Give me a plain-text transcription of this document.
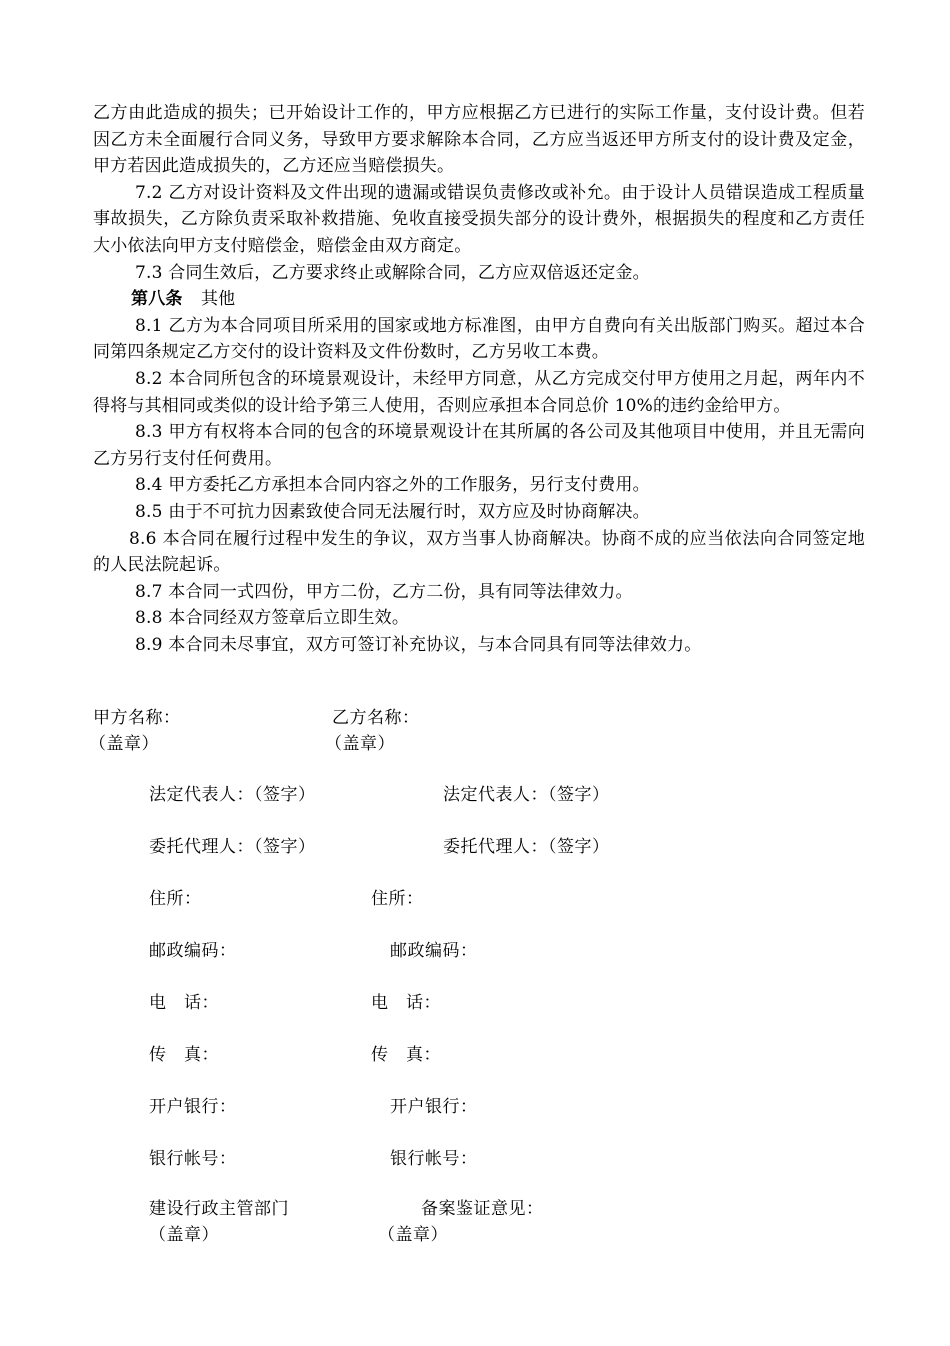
乙方由此造成的损失；已开始设计工作的，甲方应根据乙方已进行的实际工作量，支付设计费。但若因乙方未全面履行合同义务，导致甲方要求解除本合同，乙方应当返还甲方所支付的设计费及定金，甲方若因此造成损失的，乙方还应当赔偿损失。

7.2 乙方对设计资料及文件出现的遗漏或错误负责修改或补允。由于设计人员错误造成工程质量事故损失，乙方除负责采取补救措施、免收直接受损失部分的设计费外，根据损失的程度和乙方责任大小依法向甲方支付赔偿金，赔偿金由双方商定。

7.3 合同生效后，乙方要求终止或解除合同，乙方应双倍返还定金。

第八条 其他

8.1 乙方为本合同项目所采用的国家或地方标准图，由甲方自费向有关出版部门购买。超过本合同第四条规定乙方交付的设计资料及文件份数时，乙方另收工本费。

8.2 本合同所包含的环境景观设计，未经甲方同意，从乙方完成交付甲方使用之月起，两年内不得将与其相同或类似的设计给予第三人使用，否则应承担本合同总价 10%的违约金给甲方。

8.3 甲方有权将本合同的包含的环境景观设计在其所属的各公司及其他项目中使用，并且无需向乙方另行支付任何费用。

8.4 甲方委托乙方承担本合同内容之外的工作服务，另行支付费用。

8.5 由于不可抗力因素致使合同无法履行时，双方应及时协商解决。

8.6 本合同在履行过程中发生的争议，双方当事人协商解决。协商不成的应当依法向合同签定地的人民法院起诉。

8.7 本合同一式四份，甲方二份，乙方二份，具有同等法律效力。

8.8 本合同经双方签章后立即生效。

8.9 本合同未尽事宜，双方可签订补充协议，与本合同具有同等法律效力。

甲方名称：	乙方名称：
（盖章）	（盖章）
法定代表人：（签字）	法定代表人：（签字）
委托代理人：（签字）	委托代理人：（签字）
住所：	住所：
邮政编码：	邮政编码：
电　话：	电　话：
传　真：	传　真：
开户银行：	开户银行：
银行帐号：	银行帐号：
建设行政主管部门	备案鉴证意见：
（盖章）	（盖章）
